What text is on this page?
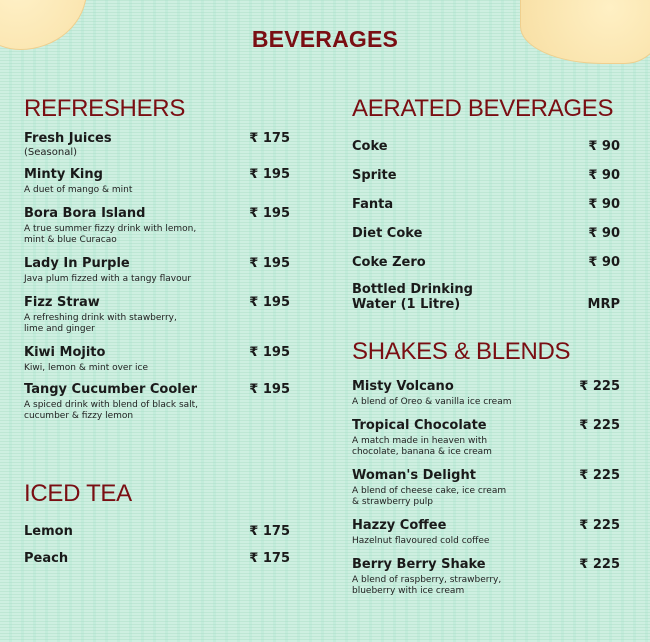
BEVERAGES
REFRESHERS
Fresh Juices	₹ 175
(Seasonal)
Minty King	₹ 195
A duet of mango & mint
Bora Bora Island	₹ 195
A true summer fizzy drink with lemon, mint & blue Curacao
Lady In Purple	₹ 195
Java plum fizzed with a tangy flavour
Fizz Straw	₹ 195
A refreshing drink with stawberry, lime and ginger
Kiwi Mojito	₹ 195
Kiwi, lemon & mint over ice
Tangy Cucumber Cooler	₹ 195
A spiced drink with blend of black salt, cucumber & fizzy lemon
ICED TEA
Lemon	₹ 175
Peach	₹ 175
AERATED BEVERAGES
Coke	₹ 90
Sprite	₹ 90
Fanta	₹ 90
Diet Coke	₹ 90
Coke Zero	₹ 90
Bottled Drinking
Water (1 Litre)	MRP
SHAKES & BLENDS
Misty Volcano	₹ 225
A blend of Oreo & vanilla ice cream
Tropical Chocolate	₹ 225
A match made in heaven with chocolate, banana & ice cream
Woman's Delight	₹ 225
A blend of cheese cake, ice cream & strawberry pulp
Hazzy Coffee	₹ 225
Hazelnut flavoured cold coffee
Berry Berry Shake	₹ 225
A blend of raspberry, strawberry, blueberry with ice cream
